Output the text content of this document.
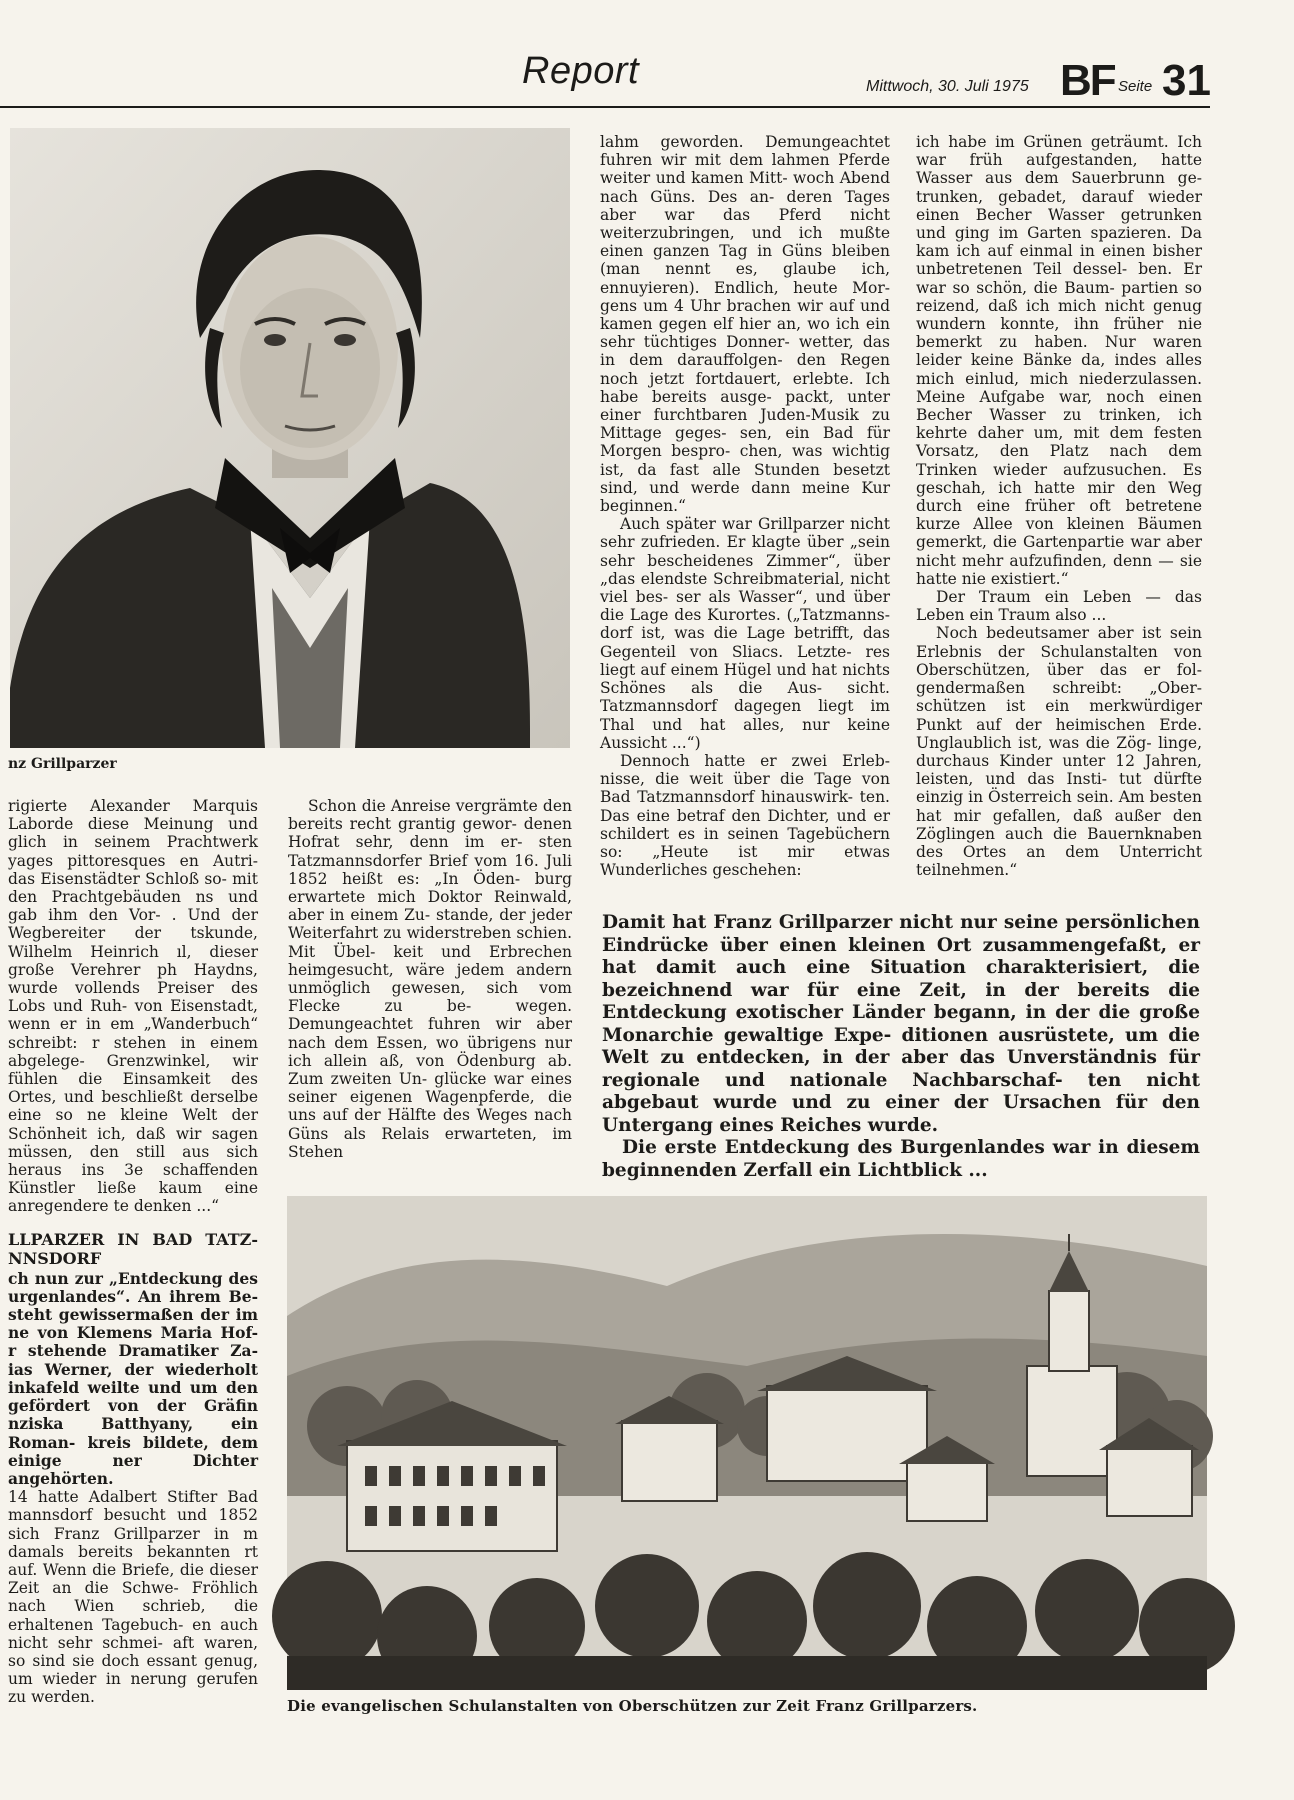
Report	Mittwoch, 30. Juli 1975 BF Seite 31
nz Grillparzer

rigierte Alexander Marquis Laborde diese Meinung und glich in seinem Prachtwerk yages pittoresques en Autri- das Eisenstädter Schloß so- mit den Prachtgebäuden ns und gab ihm den Vor- . Und der Wegbereiter der tskunde, Wilhelm Heinrich ıl, dieser große Verehrer ph Haydns, wurde vollends Preiser des Lobs und Ruh- von Eisenstadt, wenn er in em „Wanderbuch“ schreibt: r stehen in einem abgelege- Grenzwinkel, wir fühlen die Einsamkeit des Ortes, und beschließt derselbe eine so ne kleine Welt der Schönheit ich, daß wir sagen müssen, den still aus sich heraus ins 3e schaffenden Künstler ließe kaum eine anregendere te denken ...“

LLPARZER IN BAD TATZ- NNSDORF

ch nun zur „Entdeckung des urgenlandes“. An ihrem Be- steht gewissermaßen der im ne von Klemens Maria Hof- r stehende Dramatiker Za- ias Werner, der wiederholt inkafeld weilte und um den gefördert von der Gräfin nziska Batthyany, ein Roman- kreis bildete, dem einige ner Dichter angehörten.

14 hatte Adalbert Stifter Bad mannsdorf besucht und 1852 sich Franz Grillparzer in m damals bereits bekannten rt auf. Wenn die Briefe, die dieser Zeit an die Schwe- Fröhlich nach Wien schrieb, die erhaltenen Tagebuch- en auch nicht sehr schmei- aft waren, so sind sie doch essant genug, um wieder in nerung gerufen zu werden.

Schon die Anreise vergrämte den bereits recht grantig gewor- denen Hofrat sehr, denn im er- sten Tatzmannsdorfer Brief vom 16. Juli 1852 heißt es: „In Öden- burg erwartete mich Doktor Reinwald, aber in einem Zu- stande, der jeder Weiterfahrt zu widerstreben schien. Mit Übel- keit und Erbrechen heimgesucht, wäre jedem andern unmöglich gewesen, sich vom Flecke zu be- wegen. Demungeachtet fuhren wir aber nach dem Essen, wo übrigens nur ich allein aß, von Ödenburg ab. Zum zweiten Un- glücke war eines seiner eigenen Wagenpferde, die uns auf der Hälfte des Weges nach Güns als Relais erwarteten, im Stehen

lahm geworden. Demungeachtet fuhren wir mit dem lahmen Pferde weiter und kamen Mitt- woch Abend nach Güns. Des an- deren Tages aber war das Pferd nicht weiterzubringen, und ich mußte einen ganzen Tag in Güns bleiben (man nennt es, glaube ich, ennuyieren). Endlich, heute Mor- gens um 4 Uhr brachen wir auf und kamen gegen elf hier an, wo ich ein sehr tüchtiges Donner- wetter, das in dem darauffolgen- den Regen noch jetzt fortdauert, erlebte. Ich habe bereits ausge- packt, unter einer furchtbaren Juden-Musik zu Mittage geges- sen, ein Bad für Morgen bespro- chen, was wichtig ist, da fast alle Stunden besetzt sind, und werde dann meine Kur beginnen.“

Auch später war Grillparzer nicht sehr zufrieden. Er klagte über „sein sehr bescheidenes Zimmer“, über „das elendste Schreibmaterial, nicht viel bes- ser als Wasser“, und über die Lage des Kurortes. („Tatzmanns- dorf ist, was die Lage betrifft, das Gegenteil von Sliacs. Letzte- res liegt auf einem Hügel und hat nichts Schönes als die Aus- sicht. Tatzmannsdorf dagegen liegt im Thal und hat alles, nur keine Aussicht ...“)

Dennoch hatte er zwei Erleb- nisse, die weit über die Tage von Bad Tatzmannsdorf hinauswirk- ten. Das eine betraf den Dichter, und er schildert es in seinen Tagebüchern so: „Heute ist mir etwas Wunderliches geschehen:

ich habe im Grünen geträumt. Ich war früh aufgestanden, hatte Wasser aus dem Sauerbrunn ge- trunken, gebadet, darauf wieder einen Becher Wasser getrunken und ging im Garten spazieren. Da kam ich auf einmal in einen bisher unbetretenen Teil dessel- ben. Er war so schön, die Baum- partien so reizend, daß ich mich nicht genug wundern konnte, ihn früher nie bemerkt zu haben. Nur waren leider keine Bänke da, indes alles mich einlud, mich niederzulassen. Meine Aufgabe war, noch einen Becher Wasser zu trinken, ich kehrte daher um, mit dem festen Vorsatz, den Platz nach dem Trinken wieder aufzusuchen. Es geschah, ich hatte mir den Weg durch eine früher oft betretene kurze Allee von kleinen Bäumen gemerkt, die Gartenpartie war aber nicht mehr aufzufinden, denn — sie hatte nie existiert.“

Der Traum ein Leben — das Leben ein Traum also ...

Noch bedeutsamer aber ist sein Erlebnis der Schulanstalten von Oberschützen, über das er fol- gendermaßen schreibt: „Ober- schützen ist ein merkwürdiger Punkt auf der heimischen Erde. Unglaublich ist, was die Zög- linge, durchaus Kinder unter 12 Jahren, leisten, und das Insti- tut dürfte einzig in Österreich sein. Am besten hat mir gefallen, daß außer den Zöglingen auch die Bauernknaben des Ortes an dem Unterricht teilnehmen.“

Damit hat Franz Grillparzer nicht nur seine persönlichen Eindrücke über einen kleinen Ort zusammengefaßt, er hat damit auch eine Situation charakterisiert, die bezeichnend war für eine Zeit, in der bereits die Entdeckung exotischer Länder begann, in der die große Monarchie gewaltige Expe- ditionen ausrüstete, um die Welt zu entdecken, in der aber das Unverständnis für regionale und nationale Nachbarschaf- ten nicht abgebaut wurde und zu einer der Ursachen für den Untergang eines Reiches wurde.

Die erste Entdeckung des Burgenlandes war in diesem beginnenden Zerfall ein Lichtblick ...

Die evangelischen Schulanstalten von Oberschützen zur Zeit Franz Grillparzers.
